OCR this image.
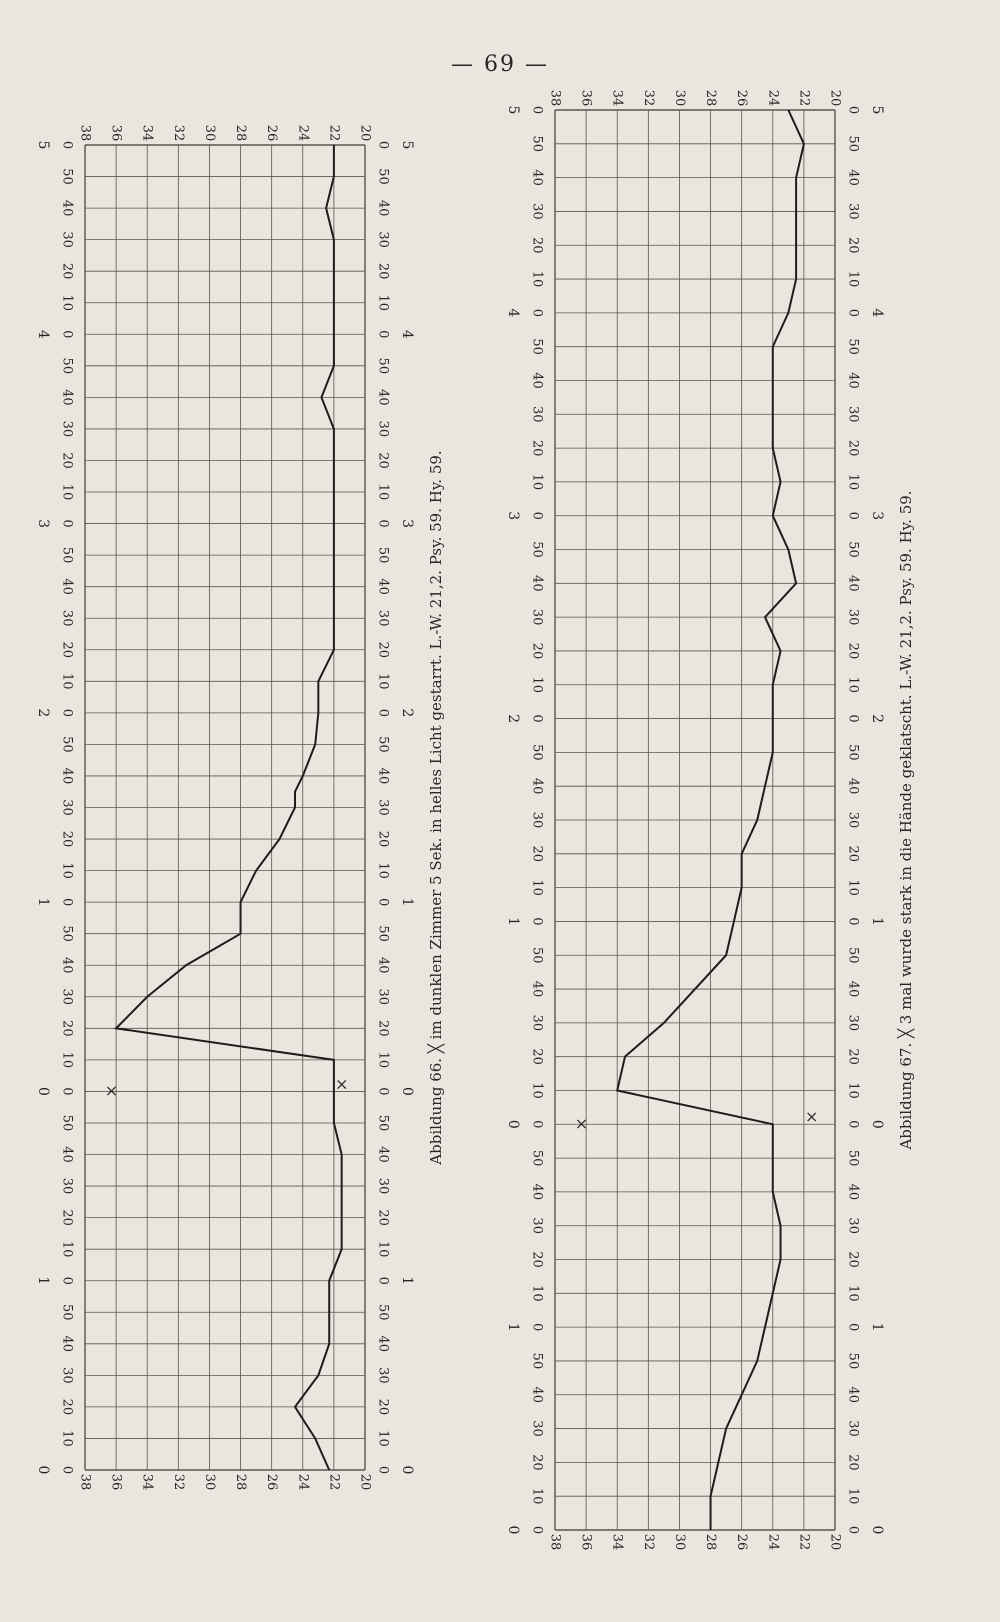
— 69 —
20
20
22
22
24
24
26
26
28
28
30
30
32
32
34
34
36
36
38
38
0	0
0	0
10	10
20	20
30	30
40	40
50	50
0	0
1	1
10	10
20	20
30	30
40	40
50	50
0	0
0	0
10	10
20	20
30	30
40	40
50	50
0	0
1	1
10	10
20	20
30	30
40	40
50	50
0	0
2	2
10	10
20	20
30	30
40	40
50	50
0	0
3	3
10	10
20	20
30	30
40	40
50	50
0	0
4	4
10	10
20	20
30	30
40	40
50	50
0	0
5	5
×	×	Abbildung 66. ╳ im dunklen Zimmer 5 Sek. in helles Licht gestarrt. L.-W. 21,2. Psy. 59. Hy. 59.
20
20
22
22
24
24
26
26
28
28
30
30
32
32
34
34
36
36
38
38
0	0
0	0
10	10
20	20
30	30
40	40
50	50
0	0
1	1
10	10
20	20
30	30
40	40
50	50
0	0
0	0
10	10
20	20
30	30
40	40
50	50
0	0
1	1
10	10
20	20
30	30
40	40
50	50
0	0
2	2
10	10
20	20
30	30
40	40
50	50
0	0
3	3
10	10
20	20
30	30
40	40
50	50
0	0
4	4
10	10
20	20
30	30
40	40
50	50
0	0
5	5
×	×	Abbildung 67. ╳ 3 mal wurde stark in die Hände geklatscht. L.-W. 21,2. Psy. 59. Hy. 59.
